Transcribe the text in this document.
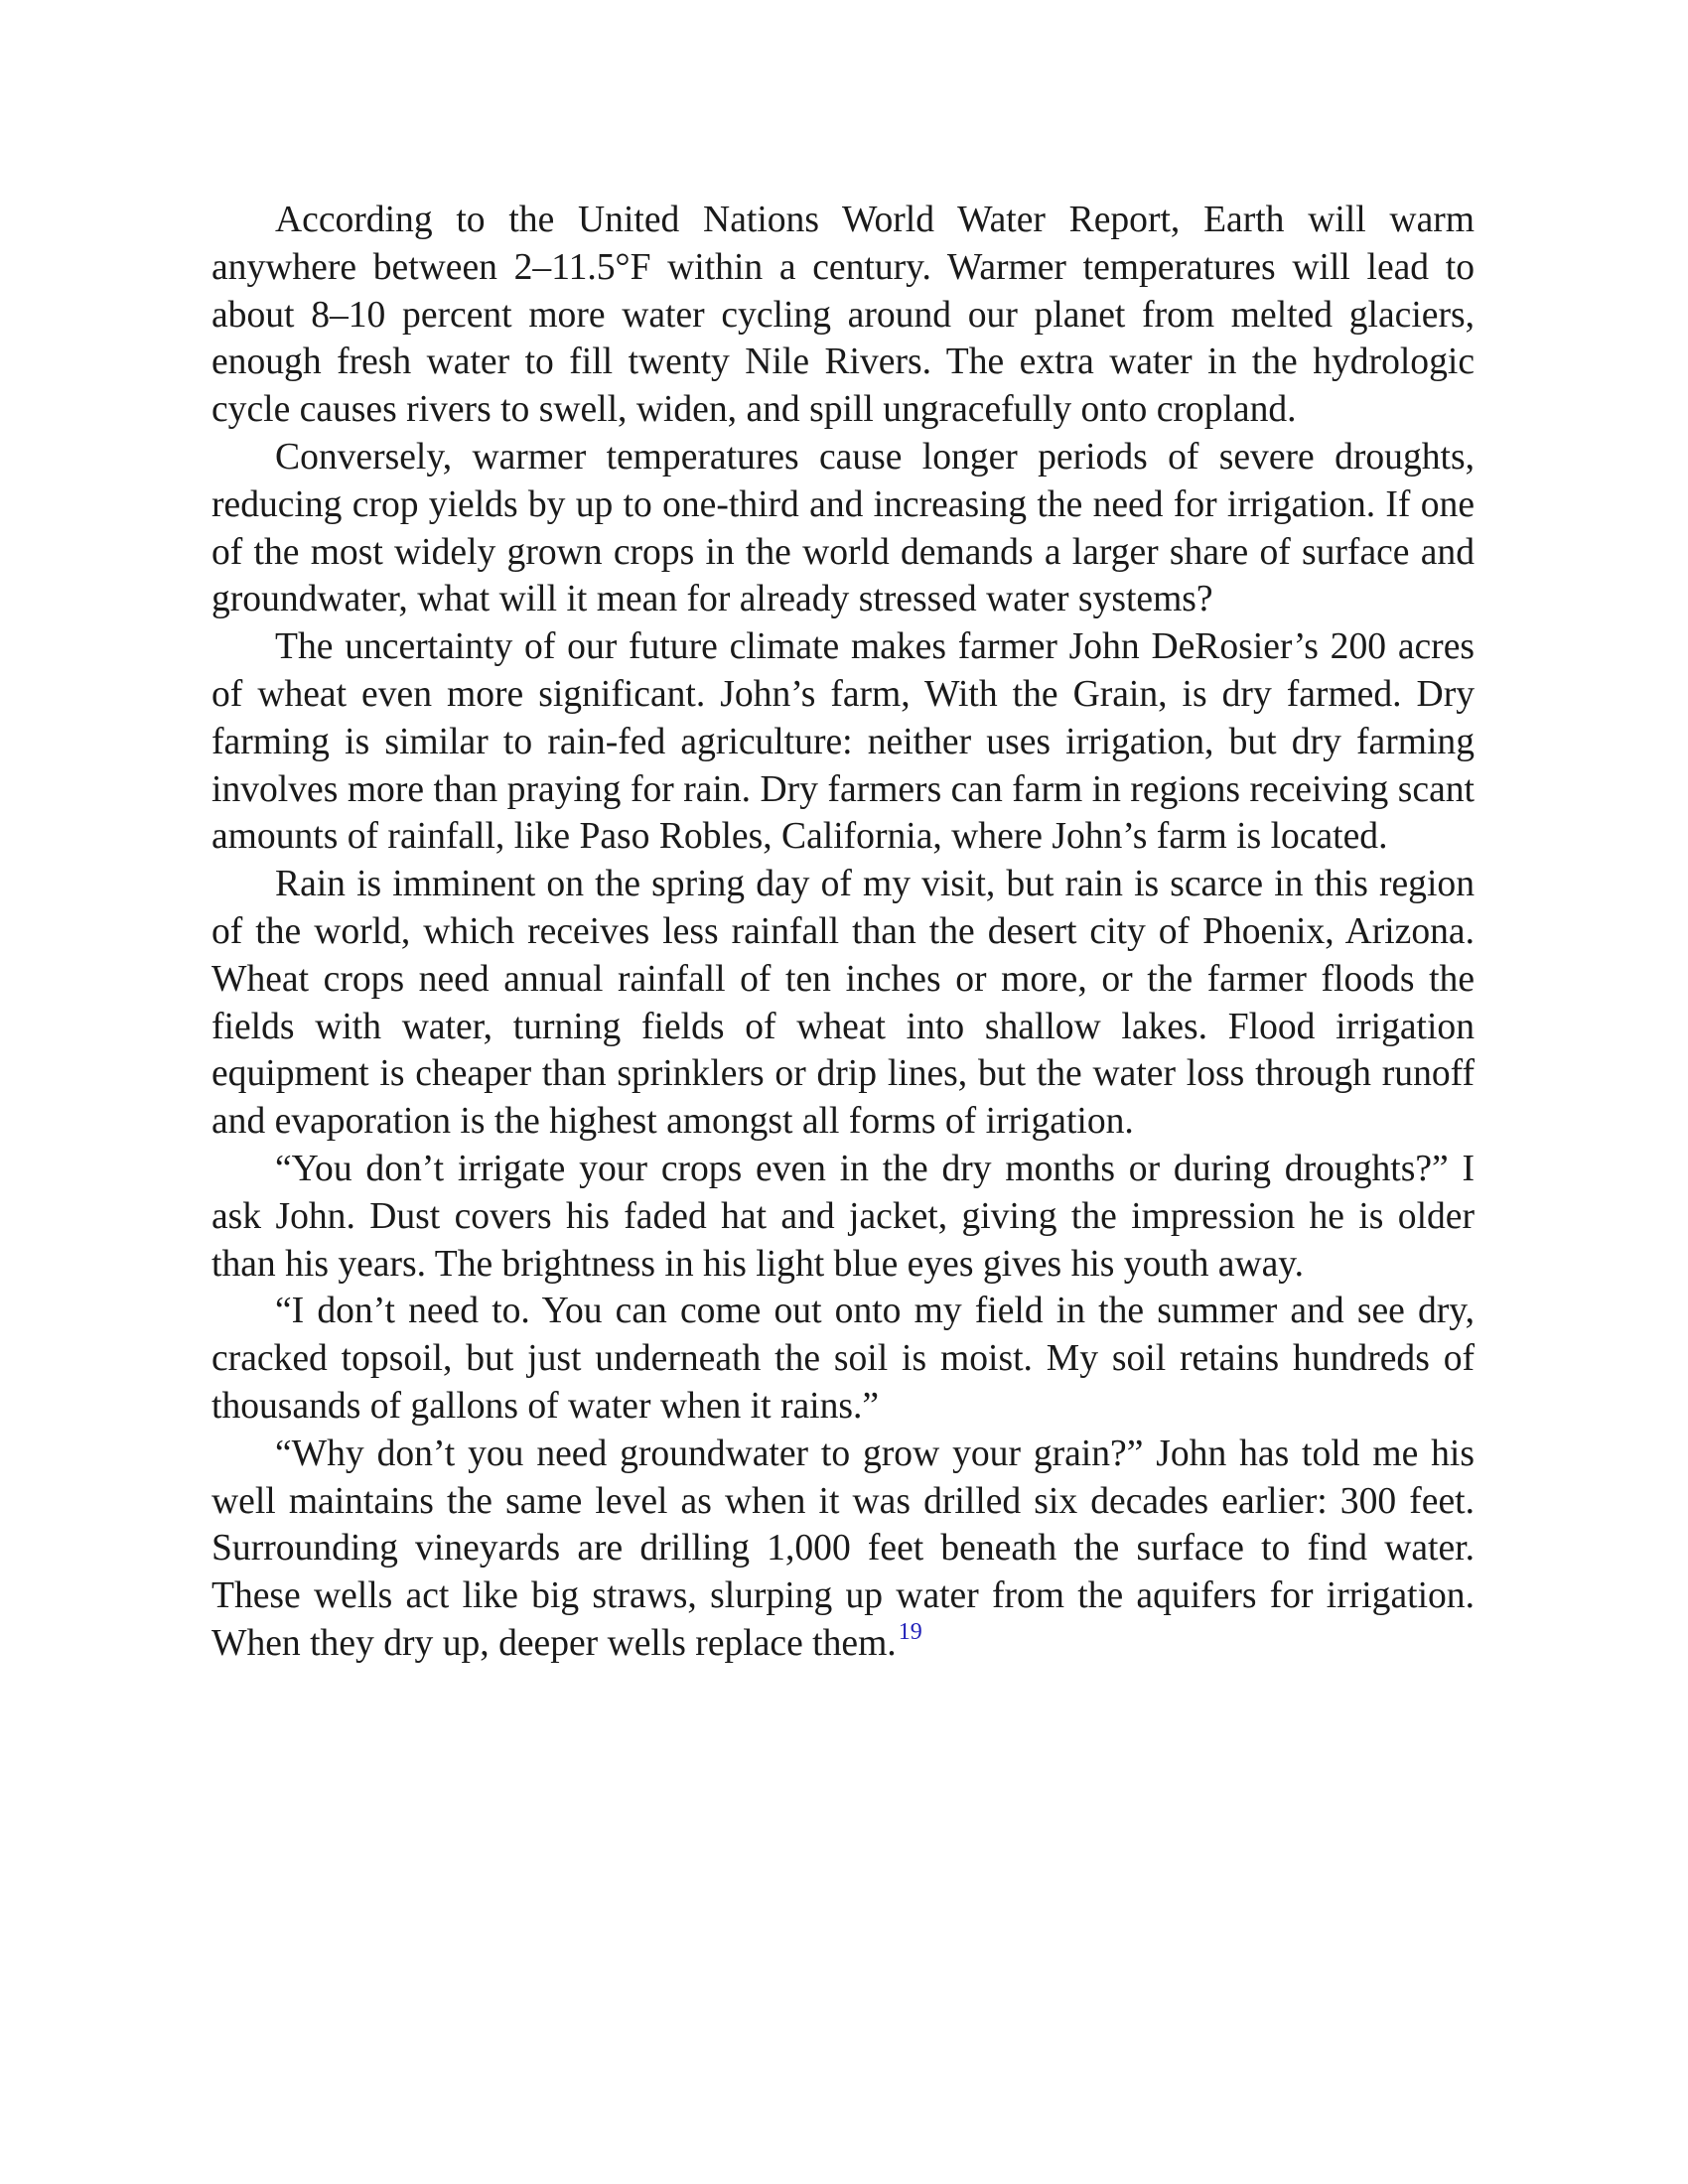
According to the United Nations World Water Report, Earth will warm anywhere between 2–11.5°F within a century. Warmer temperatures will lead to about 8–10 percent more water cycling around our planet from melted glaciers, enough fresh water to fill twenty Nile Rivers. The extra water in the hydrologic cycle causes rivers to swell, widen, and spill ungracefully onto cropland.

Conversely, warmer temperatures cause longer periods of severe droughts, reducing crop yields by up to one-third and increasing the need for irrigation. If one of the most widely grown crops in the world demands a larger share of surface and groundwater, what will it mean for already stressed water systems?

The uncertainty of our future climate makes farmer John DeRosier’s 200 acres of wheat even more significant. John’s farm, With the Grain, is dry farmed. Dry farming is similar to rain-fed agriculture: neither uses irrigation, but dry farming involves more than praying for rain. Dry farmers can farm in regions receiving scant amounts of rainfall, like Paso Robles, California, where John’s farm is located.

Rain is imminent on the spring day of my visit, but rain is scarce in this region of the world, which receives less rainfall than the desert city of Phoenix, Arizona. Wheat crops need annual rainfall of ten inches or more, or the farmer floods the fields with water, turning fields of wheat into shallow lakes. Flood irrigation equipment is cheaper than sprinklers or drip lines, but the water loss through runoff and evaporation is the highest amongst all forms of irrigation.

“You don’t irrigate your crops even in the dry months or during droughts?” I ask John. Dust covers his faded hat and jacket, giving the impression he is older than his years. The brightness in his light blue eyes gives his youth away.

“I don’t need to. You can come out onto my field in the summer and see dry, cracked topsoil, but just underneath the soil is moist. My soil retains hundreds of thousands of gallons of water when it rains.”

“Why don’t you need groundwater to grow your grain?” John has told me his well maintains the same level as when it was drilled six decades earlier: 300 feet. Surrounding vineyards are drilling 1,000 feet beneath the surface to find water. These wells act like big straws, slurping up water from the aquifers for irrigation. When they dry up, deeper wells replace them.$^{19}$
